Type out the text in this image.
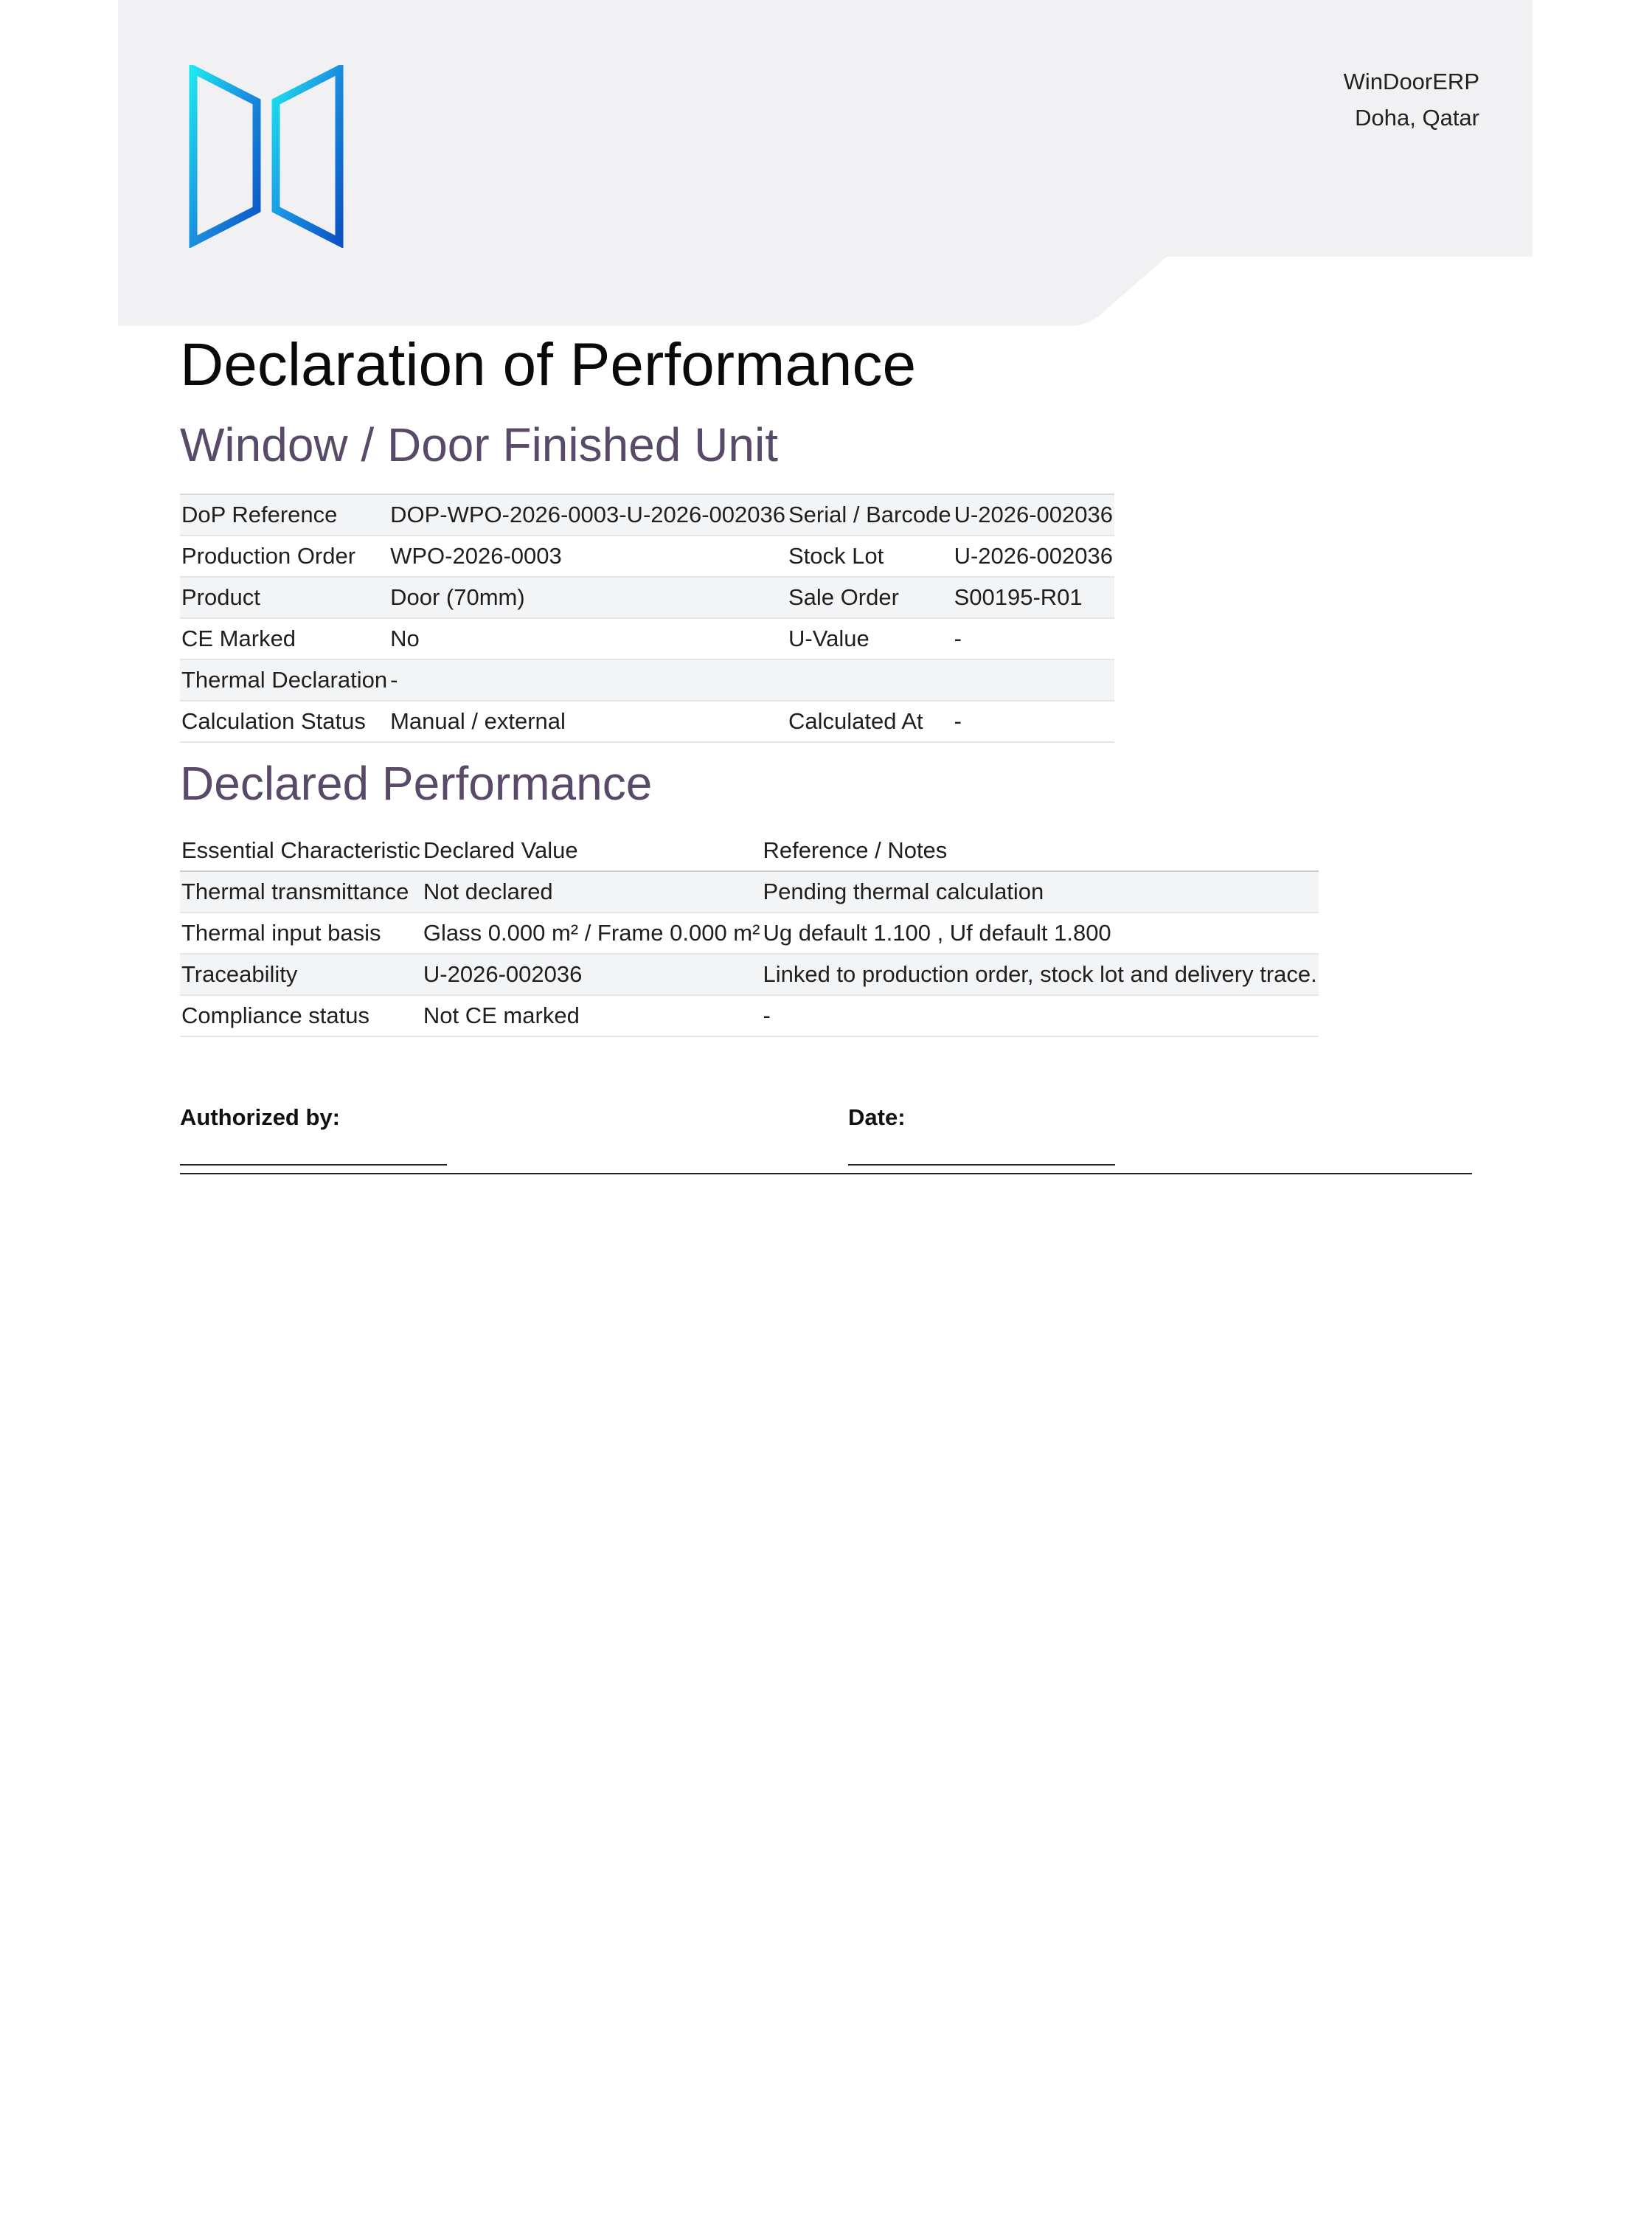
WinDoorERP
Doha, Qatar
Declaration of Performance
Window / Door Finished Unit
DoP Reference	DOP-WPO-2026-0003-U-2026-002036	Serial / Barcode	U-2026-002036
Production Order	WPO-2026-0003	Stock Lot	U-2026-002036
Product	Door (70mm)	Sale Order	S00195-R01
CE Marked	No	U-Value	-
Thermal Declaration	-		
Calculation Status	Manual / external	Calculated At	-
Declared Performance
Essential Characteristic	Declared Value	Reference / Notes
Thermal transmittance	Not declared	Pending thermal calculation
Thermal input basis	Glass 0.000 m² / Frame 0.000 m²	Ug default 1.100 , Uf default 1.800
Traceability	U-2026-002036	Linked to production order, stock lot and delivery trace.
Compliance status	Not CE marked	-
Authorized by:	Date:
